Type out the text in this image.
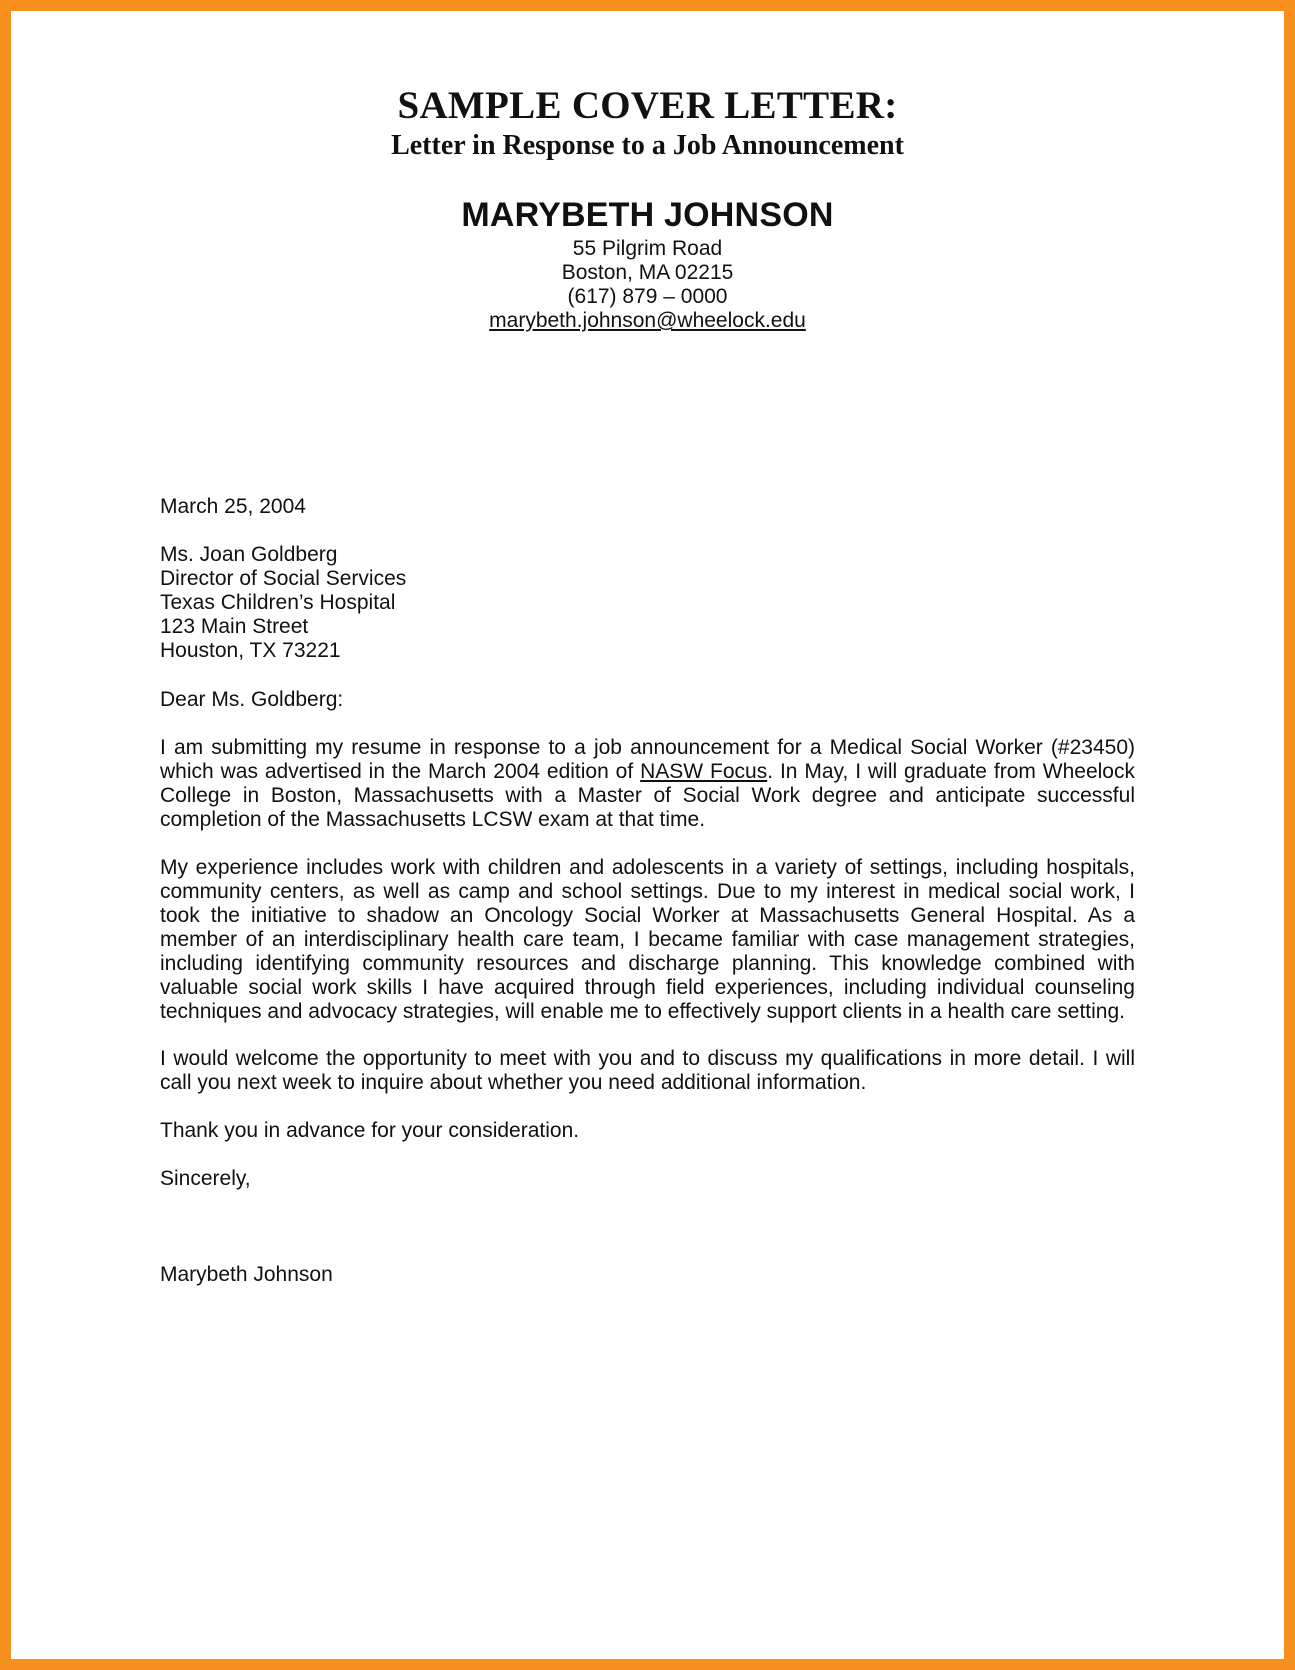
SAMPLE COVER LETTER:
Letter in Response to a Job Announcement
MARYBETH JOHNSON
55 Pilgrim Road
Boston, MA 02215
(617) 879 – 0000
marybeth.johnson@wheelock.edu
March 25, 2004
Ms. Joan Goldberg
Director of Social Services
Texas Children’s Hospital
123 Main Street
Houston, TX 73221
Dear Ms. Goldberg:
I am submitting my resume in response to a job announcement for a Medical Social Worker (#23450) which was advertised in the March 2004 edition of NASW Focus. In May, I will graduate from Wheelock College in Boston, Massachusetts with a Master of Social Work degree and anticipate successful completion of the Massachusetts LCSW exam at that time.
My experience includes work with children and adolescents in a variety of settings, including hospitals, community centers, as well as camp and school settings. Due to my interest in medical social work, I took the initiative to shadow an Oncology Social Worker at Massachusetts General Hospital. As a member of an interdisciplinary health care team, I became familiar with case management strategies, including identifying community resources and discharge planning. This knowledge combined with valuable social work skills I have acquired through field experiences, including individual counseling techniques and advocacy strategies, will enable me to effectively support clients in a health care setting.
I would welcome the opportunity to meet with you and to discuss my qualifications in more detail. I will call you next week to inquire about whether you need additional information.
Thank you in advance for your consideration.
Sincerely,
Marybeth Johnson
